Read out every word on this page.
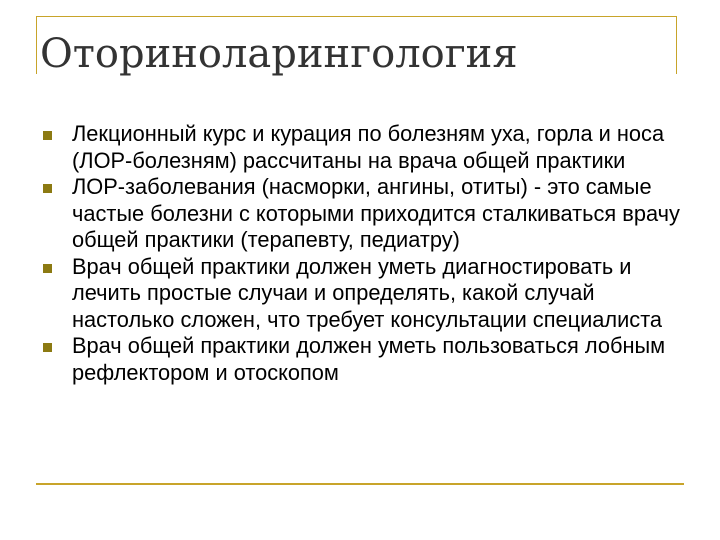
Оториноларингология
Лекционный курс и курация по болезням уха, горла и носа (ЛОР-болезням) рассчитаны на врача общей практики
ЛОР-заболевания (насморки, ангины, отиты) - это самые частые болезни с которыми приходится сталкиваться врачу общей практики (терапевту, педиатру)
Врач общей практики должен уметь диагностировать и лечить простые случаи и определять, какой случай настолько сложен, что требует консультации специалиста
Врач общей практики должен уметь пользоваться лобным рефлектором и отоскопом
